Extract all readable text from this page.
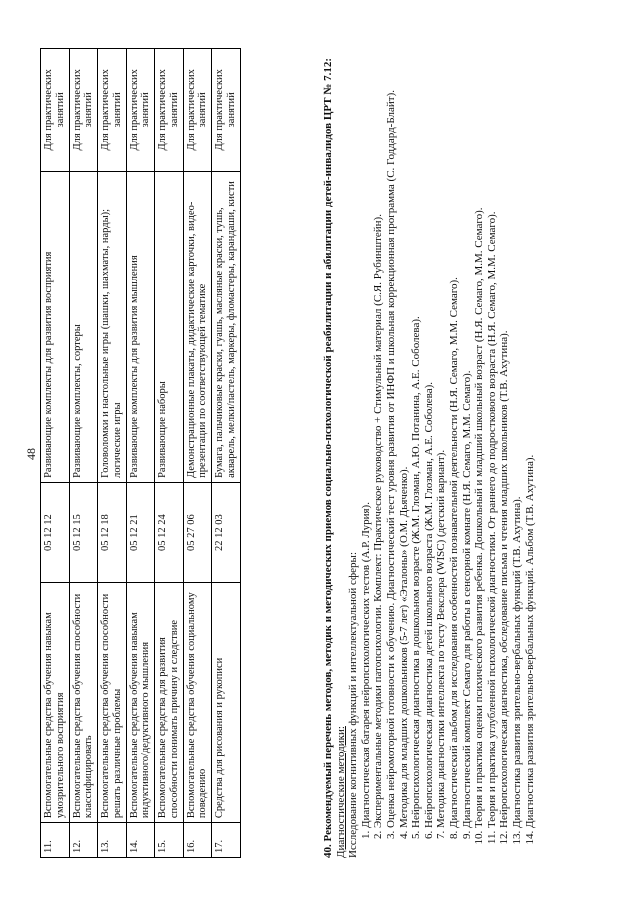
48
11.	Вспомогательные средства обучения навыкам умозрительного восприятия	05 12 12	Развивающие комплекты для развития восприятия	Для практических занятий
12.	Вспомогательные средства обучения способности классифицировать	05 12 15	Развивающие комплекты, сортеры	Для практических занятий
13.	Вспомогательные средства обучения способности решать различные проблемы	05 12 18	Головоломки и настольные игры (шашки, шахматы, нарды); логические игры	Для практических занятий
14.	Вспомогательные средства обучения навыкам индуктивного/дедуктивного мышления	05 12 21	Развивающие комплекты для развития мышления	Для практических занятий
15.	Вспомогательные средства для развития способности понимать причину и следствие	05 12 24	Развивающие наборы	Для практических занятий
16.	Вспомогательные средства обучения социальному поведению	05 27 06	Демонстрационные плакаты, дидактические карточки, видео-презентации по соответствующей тематике	Для практических занятий
17.	Средства для рисования и рукописи	22 12 03	Бумага, пальчиковые краски, гуашь, масляные краски, тушь, акварель, мелки/пастель, маркеры, фломастеры, карандаши, кисти	Для практических занятий	40. Рекомендуемый перечень методов, методик и методических приемов социально-психологической реабилитации и абилитации детей-инвалидов ЦРТ № 7.12: Диагностические методики: Исследование когнитивных функций и интеллектуальной сферы: 1. Диагностическая батарея нейропсихологических тестов (А.Р. Лурия). 2. Экспериментальные методики патопсихологии. Комплект: Практическое руководство + Стимульный материал (С.Я. Рубинштейн). 3. Оценка нейромоторной готовности к обучению. Диагностический тест уровня развития от ИНФП и школьная коррекционная программа (С. Годдард-Блайт). 4. Методика для младших дошкольников (5-7 лет) «Эталоны» (О.М. Дьяченко). 5. Нейропсихологическая диагностика в дошкольном возрасте (Ж.М. Глозман, А.Ю. Потанина, А.Е. Соболева). 6. Нейропсихологическая диагностика детей школьного возраста (Ж.М. Глозман, А.Е. Соболева). 7. Методика диагностики интеллекта по тесту Векслера (WISC) (детский вариант). 8. Диагностический альбом для исследования особенностей познавательной деятельности (Н.Я. Семаго, М.М. Семаго). 9. Диагностический комплект Семаго для работы в сенсорной комнате (Н.Я. Семаго, М.М. Семаго). 10. Теория и практика оценки психического развития ребенка. Дошкольный и младший школьный возраст (Н.Я. Семаго, М.М. Семаго). 11. Теория и практика углубленной психологической диагностики. От раннего до подросткового возраста (Н.Я. Семаго, М.М. Семаго). 12. Нейропсихологическая диагностика, обследование письма и чтения младших школьников (Т.В. Ахутина). 13. Диагностика развития зрительно-вербальных функций (Т.В. Ахутина). 14. Диагностика развития зрительно-вербальных функций. Альбом (Т.В. Ахутина).
